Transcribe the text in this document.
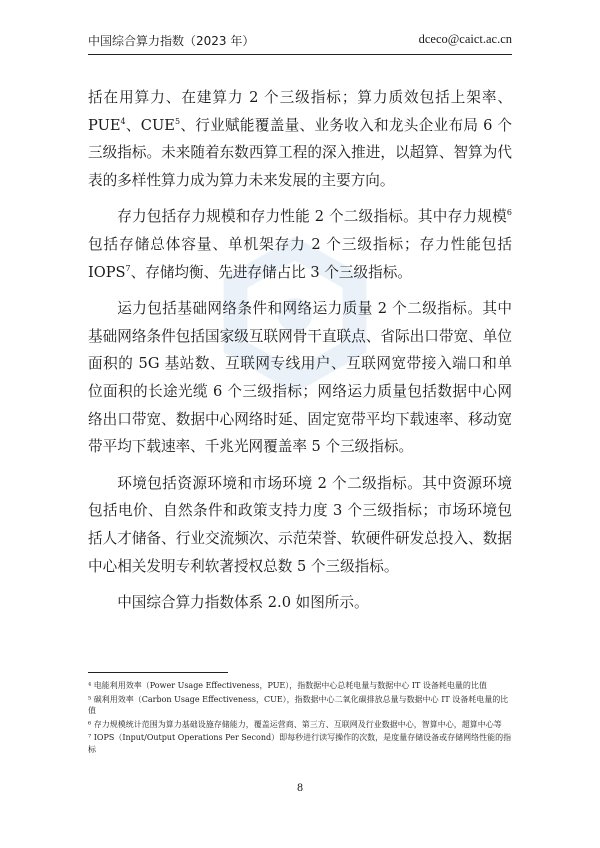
中国综合算力指数（2023 年）	dceco@caict.ac.cn

括在用算力、在建算力 2 个三级指标；算力质效包括上架率、PUE$^4$、CUE$^5$、行业赋能覆盖量、业务收入和龙头企业布局 6 个三级指标。未来随着东数西算工程的深入推进，以超算、智算为代表的多样性算力成为算力未来发展的主要方向。

存力包括存力规模和存力性能 2 个二级指标。其中存力规模$^6$包括存储总体容量、单机架存力 2 个三级指标；存力性能包括 IOPS$^7$、存储均衡、先进存储占比 3 个三级指标。

运力包括基础网络条件和网络运力质量 2 个二级指标。其中基础网络条件包括国家级互联网骨干直联点、省际出口带宽、单位面积的 5G 基站数、互联网专线用户、互联网宽带接入端口和单位面积的长途光缆 6 个三级指标；网络运力质量包括数据中心网络出口带宽、数据中心网络时延、固定宽带平均下载速率、移动宽带平均下载速率、千兆光网覆盖率 5 个三级指标。

环境包括资源环境和市场环境 2 个二级指标。其中资源环境包括电价、自然条件和政策支持力度 3 个三级指标；市场环境包括人才储备、行业交流频次、示范荣誉、软硬件研发总投入、数据中心相关发明专利软著授权总数 5 个三级指标。

中国综合算力指数体系 2.0 如图所示。

⁴ 电能利用效率（Power Usage Effectiveness，PUE），指数据中心总耗电量与数据中心 IT 设备耗电量的比值

⁵ 碳利用效率（Carbon Usage Effectiveness，CUE），指数据中心二氧化碳排放总量与数据中心 IT 设备耗电量的比值

⁶ 存力规模统计范围为算力基础设施存储能力，覆盖运营商、第三方、互联网及行业数据中心，智算中心，超算中心等

⁷ IOPS（Input/Output Operations Per Second）即每秒进行读写操作的次数，是度量存储设备或存储网络性能的指标

8
